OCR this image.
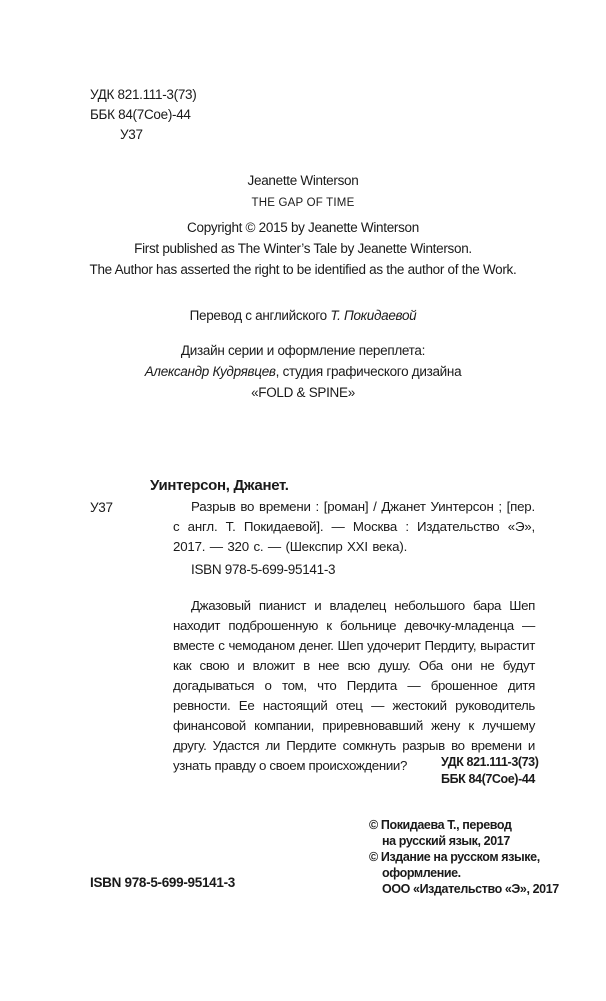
УДК 821.111-3(73)
ББК 84(7Сое)-44
У37
Jeanette Winterson
THE GAP OF TIME
Copyright © 2015 by Jeanette Winterson
First published as The Winter’s Tale by Jeanette Winterson.
The Author has asserted the right to be identified as the author of the Work.
Перевод с английского Т. Покидаевой
Дизайн серии и оформление переплета:
Александр Кудрявцев, студия графического дизайна
«FOLD & SPINE»
Уинтерсон, Джанет.
У37	Разрыв во времени : [роман] / Джанет Уинтерсон ; [пер. с англ. Т. Покидаевой]. — Москва : Издательство «Э», 2017. — 320 с. — (Шекспир XXI века).
ISBN 978-5-699-95141-3
Джазовый пианист и владелец небольшого бара Шеп находит подброшенную к больнице девочку-младенца — вместе с чемоданом денег. Шеп удочерит Пердиту, вырастит как свою и вложит в нее всю душу. Оба они не будут догадываться о том, что Пердита — брошенное дитя ревности. Ее настоящий отец — жестокий руководитель финансовой компании, приревновавший жену к лучшему другу. Удастся ли Пердите сомкнуть разрыв во времени и узнать правду о своем происхождении?	УДК 821.111-3(73)
ББК 84(7Сое)-44
© Покидаева Т., перевод
на русский язык, 2017
© Издание на русском языке,
оформление.
ООО «Издательство «Э», 2017
ISBN 978-5-699-95141-3
